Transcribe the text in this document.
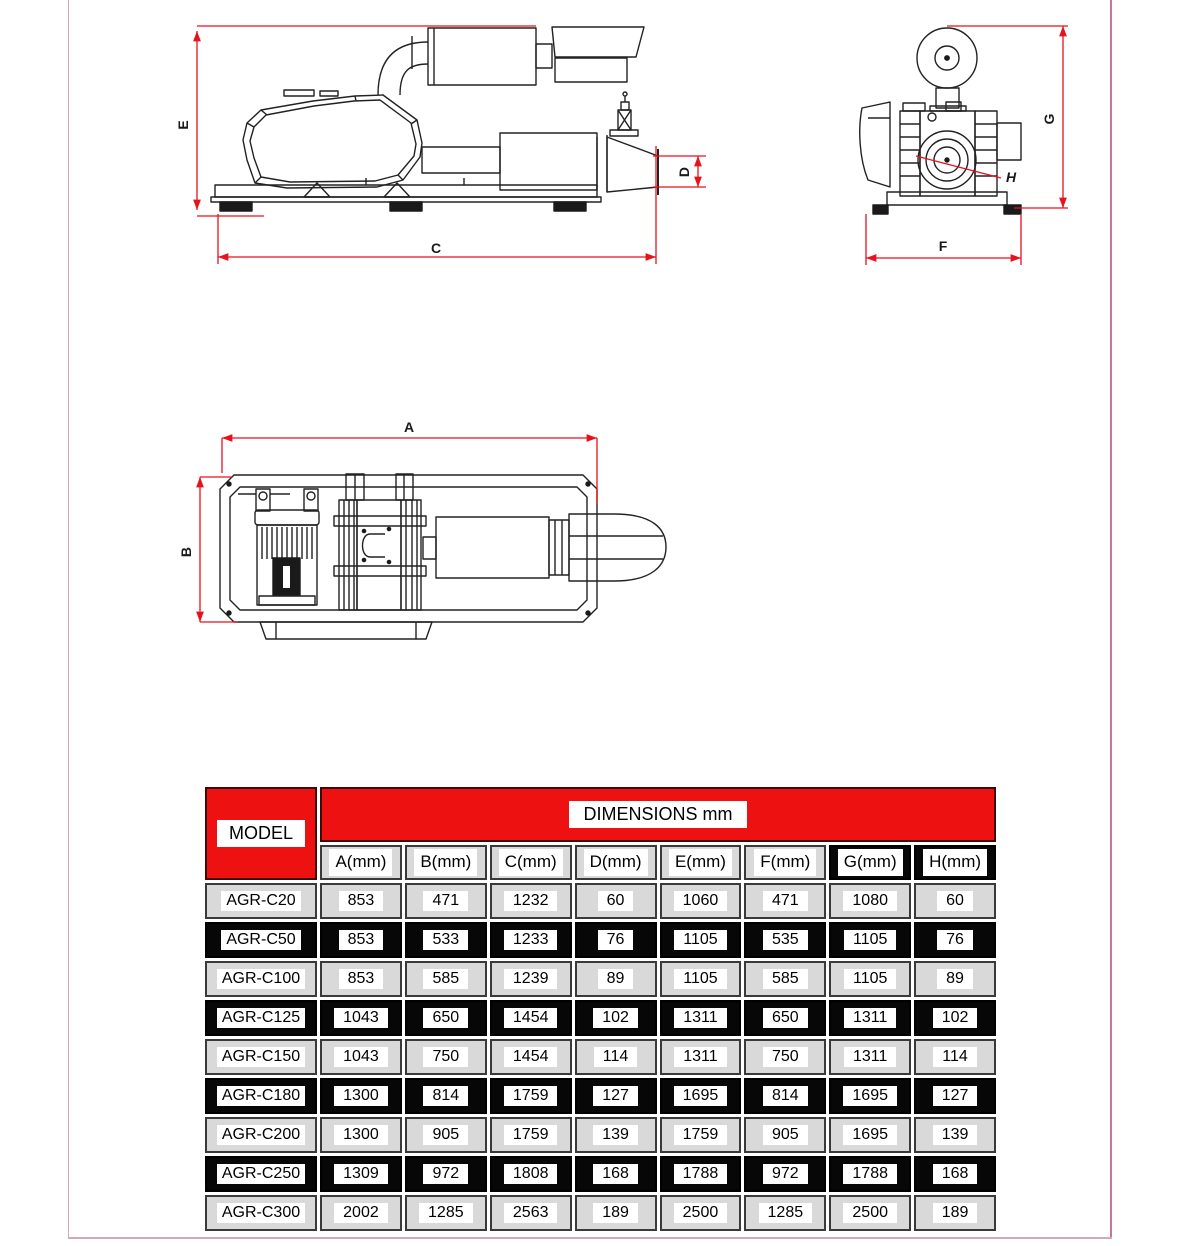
E
C
D
G
F
H
A
B
MODEL
DIMENSIONS mm
A(mm)	B(mm)	C(mm)	D(mm)	E(mm)	F(mm)	G(mm)	H(mm)
AGR-C20	853	471	1232	60	1060	471	1080	60
AGR-C50	853	533	1233	76	1105	535	1105	76
AGR-C100	853	585	1239	89	1105	585	1105	89
AGR-C125	1043	650	1454	102	1311	650	1311	102
AGR-C150	1043	750	1454	114	1311	750	1311	114
AGR-C180	1300	814	1759	127	1695	814	1695	127
AGR-C200	1300	905	1759	139	1759	905	1695	139
AGR-C250	1309	972	1808	168	1788	972	1788	168
AGR-C300	2002	1285	2563	189	2500	1285	2500	189
